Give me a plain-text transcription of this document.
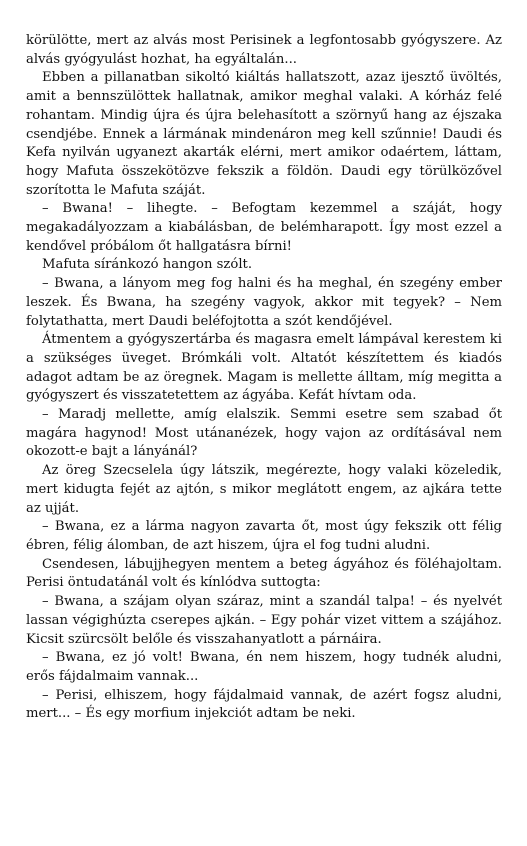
körülötte, mert az alvás most Perisinek a legfontosabb gyógyszere. Az alvás gyógyulást hozhat, ha egyáltalán...

Ebben a pillanatban sikoltó kiáltás hallatszott, azaz ijesztő üvöltés, amit a bennszülöttek hallatnak, amikor meghal valaki. A kórház felé rohantam. Mindig újra és újra belehasított a szörnyű hang az éjszaka csendjébe. Ennek a lármának mindenáron meg kell szűnnie! Daudi és Kefa nyilván ugyanezt akarták elérni, mert amikor odaértem, láttam, hogy Mafuta összekötözve fekszik a földön. Daudi egy törülközővel szorította le Mafuta száját.

– Bwana! – lihegte. – Befogtam kezemmel a száját, hogy megakadályozzam a kiabálásban, de belémharapott. Így most ezzel a kendővel próbálom őt hallgatásra bírni!

Mafuta síránkozó hangon szólt.

– Bwana, a lányom meg fog halni és ha meghal, én szegény ember leszek. És Bwana, ha szegény vagyok, akkor mit tegyek? – Nem folytathatta, mert Daudi beléfojtotta a szót kendőjével.

Átmentem a gyógyszertárba és magasra emelt lámpával kerestem ki a szükséges üveget. Brómkáli volt. Altatót készítettem és kiadós adagot adtam be az öregnek. Magam is mellette álltam, míg megitta a gyógyszert és visszatetettem az ágyába. Kefát hívtam oda.

– Maradj mellette, amíg elalszik. Semmi esetre sem szabad őt magára hagynod! Most utánanézek, hogy vajon az ordításával nem okozott-e bajt a lányánál?

Az öreg Szecselela úgy látszik, megérezte, hogy valaki közeledik, mert kidugta fejét az ajtón, s mikor meglátott engem, az ajkára tette az ujját.

– Bwana, ez a lárma nagyon zavarta őt, most úgy fekszik ott félig ébren, félig álomban, de azt hiszem, újra el fog tudni aludni.

Csendesen, lábujjhegyen mentem a beteg ágyához és föléhajoltam. Perisi öntudatánál volt és kínlódva suttogta:

– Bwana, a szájam olyan száraz, mint a szandál talpa! – és nyelvét lassan végighúzta cserepes ajkán. – Egy pohár vizet vittem a szájához. Kicsit szürcsölt belőle és visszahanyatlott a párnáira.

– Bwana, ez jó volt! Bwana, én nem hiszem, hogy tudnék aludni, erős fájdalmaim vannak...

– Perisi, elhiszem, hogy fájdalmaid vannak, de azért fogsz aludni, mert... – És egy morfium injekciót adtam be neki.
